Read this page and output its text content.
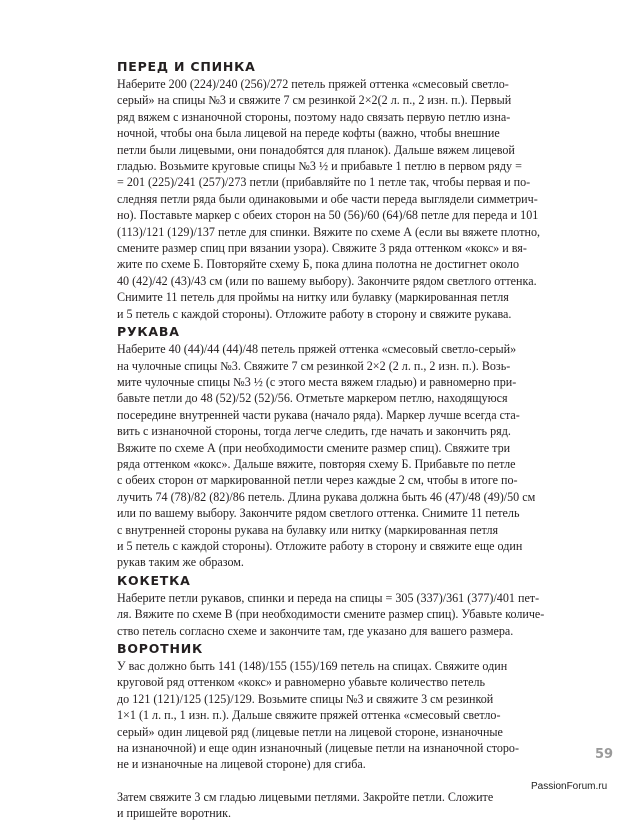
ПЕРЕД И СПИНКА

Наберите 200 (224)/240 (256)/272 петель пряжей оттенка «смесовый светло-

серый» на спицы №3 и свяжите 7 см резинкой 2×2(2 л. п., 2 изн. п.). Первый

ряд вяжем с изнаночной стороны, поэтому надо связать первую петлю изна-

ночной, чтобы она была лицевой на переде кофты (важно, чтобы внешние

петли были лицевыми, они понадобятся для планок). Дальше вяжем лицевой

гладью. Возьмите круговые спицы №3 ½ и прибавьте 1 петлю в первом ряду =

= 201 (225)/241 (257)/273 петли (прибавляйте по 1 петле так, чтобы первая и по-

следняя петли ряда были одинаковыми и обе части переда выглядели симметрич-

но). Поставьте маркер с обеих сторон на 50 (56)/60 (64)/68 петле для переда и 101

(113)/121 (129)/137 петле для спинки. Вяжите по схеме А (если вы вяжете плотно,

смените размер спиц при вязании узора). Свяжите 3 ряда оттенком «кокс» и вя-

жите по схеме Б. Повторяйте схему Б, пока длина полотна не достигнет около

40 (42)/42 (43)/43 см (или по вашему выбору). Закончите рядом светлого оттенка.

Снимите 11 петель для проймы на нитку или булавку (маркированная петля

и 5 петель с каждой стороны). Отложите работу в сторону и свяжите рукава.

РУКАВА

Наберите 40 (44)/44 (44)/48 петель пряжей оттенка «смесовый светло-серый»

на чулочные спицы №3. Свяжите 7 см резинкой 2×2 (2 л. п., 2 изн. п.). Возь-

мите чулочные спицы №3 ½ (с этого места вяжем гладью) и равномерно при-

бавьте петли до 48 (52)/52 (52)/56. Отметьте маркером петлю, находящуюся

посередине внутренней части рукава (начало ряда). Маркер лучше всегда ста-

вить с изнаночной стороны, тогда легче следить, где начать и закончить ряд.

Вяжите по схеме А (при необходимости смените размер спиц). Свяжите три

ряда оттенком «кокс». Дальше вяжите, повторяя схему Б. Прибавьте по петле

с обеих сторон от маркированной петли через каждые 2 см, чтобы в итоге по-

лучить 74 (78)/82 (82)/86 петель. Длина рукава должна быть 46 (47)/48 (49)/50 см

или по вашему выбору. Закончите рядом светлого оттенка. Снимите 11 петель

с внутренней стороны рукава на булавку или нитку (маркированная петля

и 5 петель с каждой стороны). Отложите работу в сторону и свяжите еще один

рукав таким же образом.

КОКЕТКА

Наберите петли рукавов, спинки и переда на спицы = 305 (337)/361 (377)/401 пет-

ля. Вяжите по схеме В (при необходимости смените размер спиц). Убавьте количе-

ство петель согласно схеме и закончите там, где указано для вашего размера.

ВОРОТНИК

У вас должно быть 141 (148)/155 (155)/169 петель на спицах. Свяжите один

круговой ряд оттенком «кокс» и равномерно убавьте количество петель

до 121 (121)/125 (125)/129. Возьмите спицы №3 и свяжите 3 см резинкой

1×1 (1 л. п., 1 изн. п.). Дальше свяжите пряжей оттенка «смесовый светло-

серый» один лицевой ряд (лицевые петли на лицевой стороне, изнаночные

на изнаночной) и еще один изнаночный (лицевые петли на изнаночной сторо-

не и изнаночные на лицевой стороне) для сгиба.

Затем свяжите 3 см гладью лицевыми петлями. Закройте петли. Сложите

и пришейте воротник.

59
PassionForum.ru
